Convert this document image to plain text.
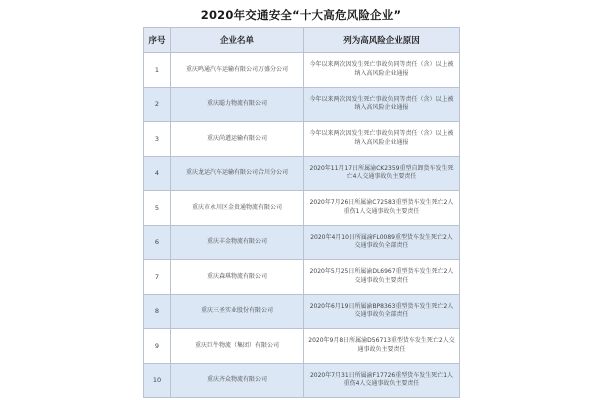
2020年交通安全“十大高危风险企业”
序号	企业名单	列为高风险企业原因
1	重庆鸣通汽车运输有限公司万盛分公司	今年以来两次因发生死亡事故负同等责任（含）以上被纳入高风险企业通报
2	重庆聪力物流有限公司	今年以来两次因发生死亡事故负同等责任（含）以上被纳入高风险企业通报
3	重庆尚遒运输有限公司	今年以来两次因发生死亡事故负同等责任（含）以上被纳入高风险企业通报
4	重庆龙运汽车运输有限公司合川分公司	2020年11月17日所属渝CK2359重型自卸货车发生死亡4人交通事故负主要责任
5	重庆市永川区金贵通物流有限公司	2020年7月26日所属渝C72583重型货车发生死亡2人重伤1人交通事故负主要责任
6	重庆丰金物流有限公司	2020年4月10日所属渝FL0089重型货车发生死亡2人交通事故负全部责任
7	重庆森琪物流有限公司	2020年5月25日所属渝DL6967重型货车发生死亡2人交通事故负主要责任
8	重庆三圣实业股份有限公司	2020年6月19日所属渝BP8363重型货车发生死亡2人交通事故负全部责任
9	重庆巨牛物流（集团）有限公司	2020年9月8日所属渝D56713重型货车发生死亡2人交通事故负主要责任
10	重庆齐众物流有限公司	2020年7月31日所属渝F17726重型货车发生死亡1人重伤4人交通事故负主要责任
